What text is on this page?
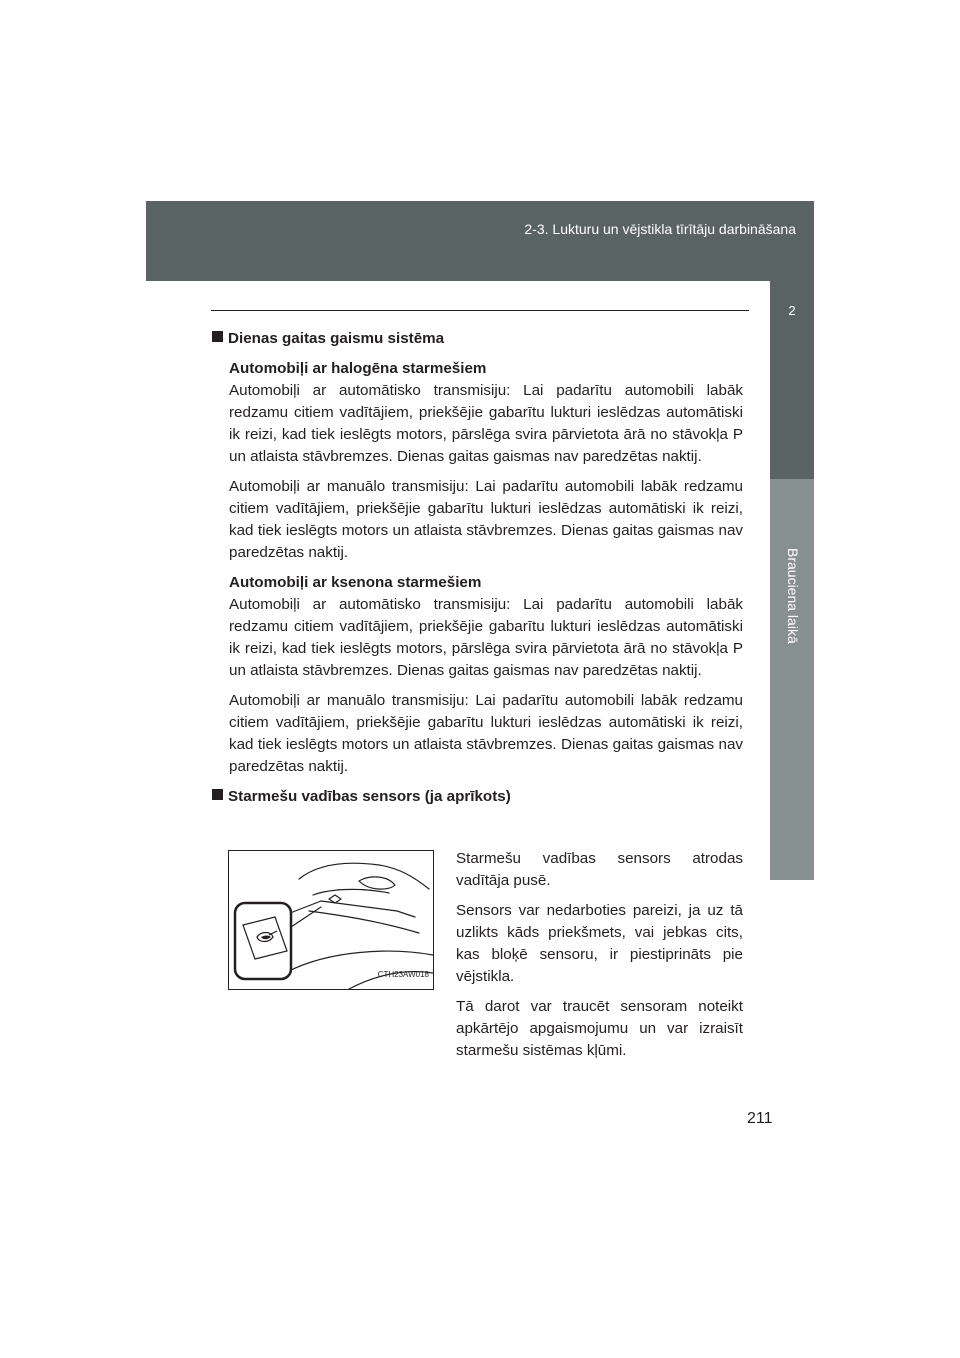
2-3. Lukturu un vējstikla tīrītāju darbināšana
2
Brauciena laikā

Dienas gaitas gaismu sistēma

Automobiļi ar halogēna starmešiem

Automobiļi ar automātisko transmisiju: Lai padarītu automobili labāk redzamu citiem vadītājiem, priekšējie gabarītu lukturi ieslēdzas automātiski ik reizi, kad tiek ieslēgts motors, pārslēga svira pārvietota ārā no stāvokļa P un atlaista stāvbremzes. Dienas gaitas gaismas nav paredzētas naktij.

Automobiļi ar manuālo transmisiju: Lai padarītu automobili labāk redzamu citiem vadītājiem, priekšējie gabarītu lukturi ieslēdzas automātiski ik reizi, kad tiek ieslēgts motors un atlaista stāvbremzes. Dienas gaitas gaismas nav paredzētas naktij.

Automobiļi ar ksenona starmešiem

Automobiļi ar automātisko transmisiju: Lai padarītu automobili labāk redzamu citiem vadītājiem, priekšējie gabarītu lukturi ieslēdzas automātiski ik reizi, kad tiek ieslēgts motors, pārslēga svira pārvietota ārā no stāvokļa P un atlaista stāvbremzes. Dienas gaitas gaismas nav paredzētas naktij.

Automobiļi ar manuālo transmisiju: Lai padarītu automobili labāk redzamu citiem vadītājiem, priekšējie gabarītu lukturi ieslēdzas automātiski ik reizi, kad tiek ieslēgts motors un atlaista stāvbremzes. Dienas gaitas gaismas nav paredzētas naktij.

Starmešu vadības sensors (ja aprīkots)

CTH23AW018

Starmešu vadības sensors atrodas vadītāja pusē.

Sensors var nedarboties pareizi, ja uz tā uzlikts kāds priekšmets, vai jebkas cits, kas bloķē sensoru, ir piestiprināts pie vējstikla.

Tā darot var traucēt sensoram noteikt apkārtējo apgaismojumu un var izraisīt starmešu sistēmas kļūmi.

211
